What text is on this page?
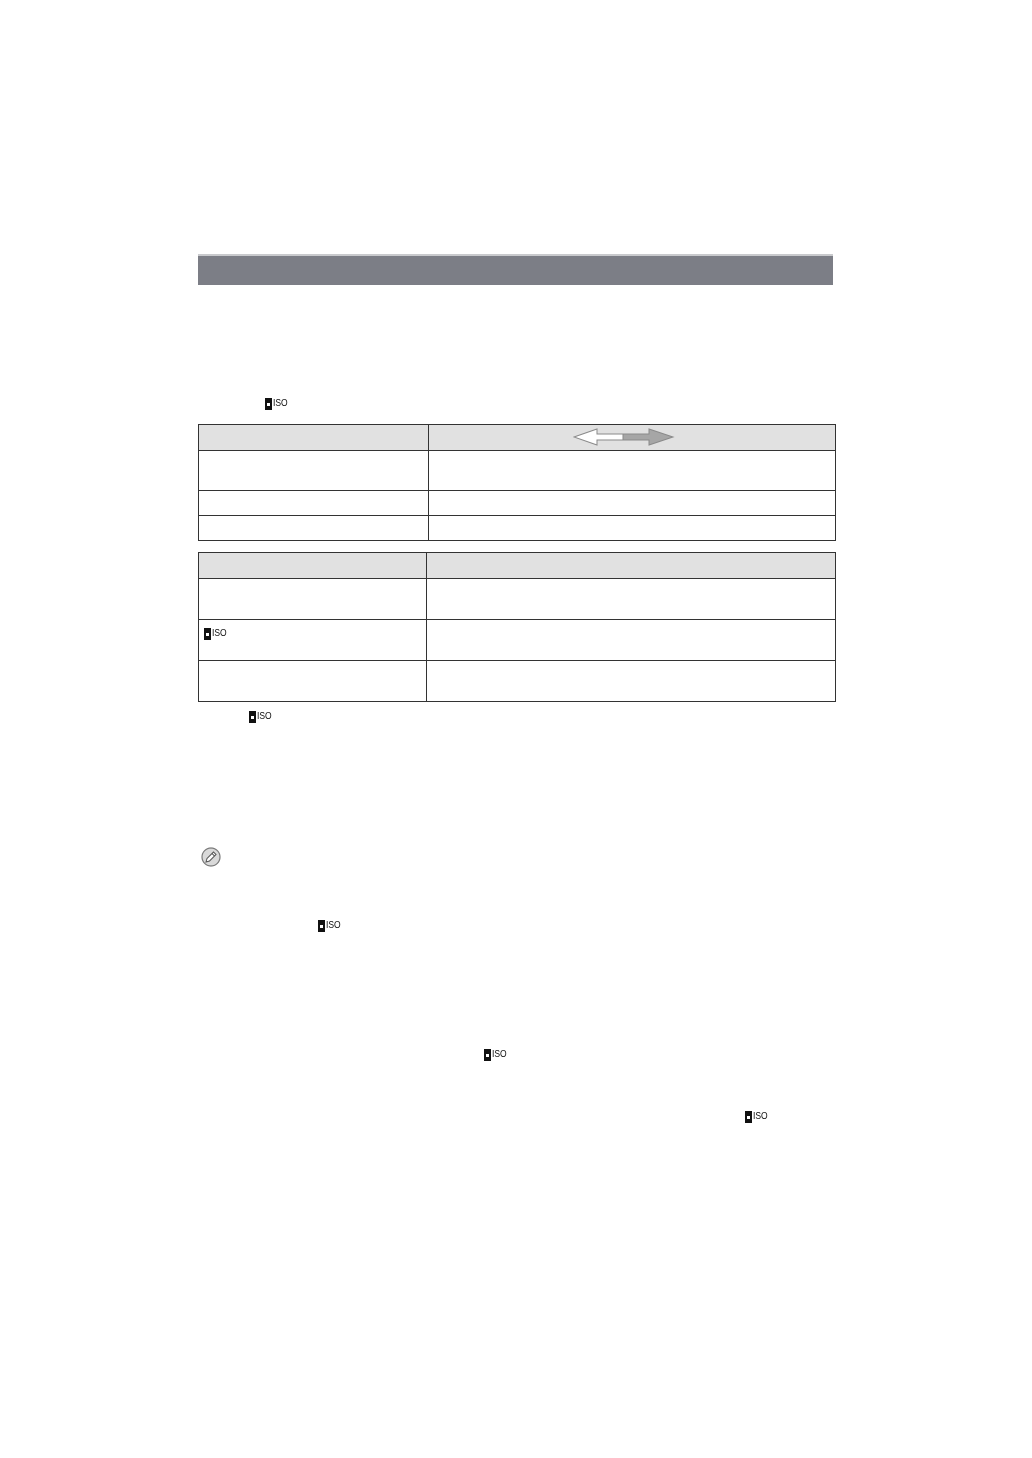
ISO

ISO	

ISO
ISO
ISO
ISO
